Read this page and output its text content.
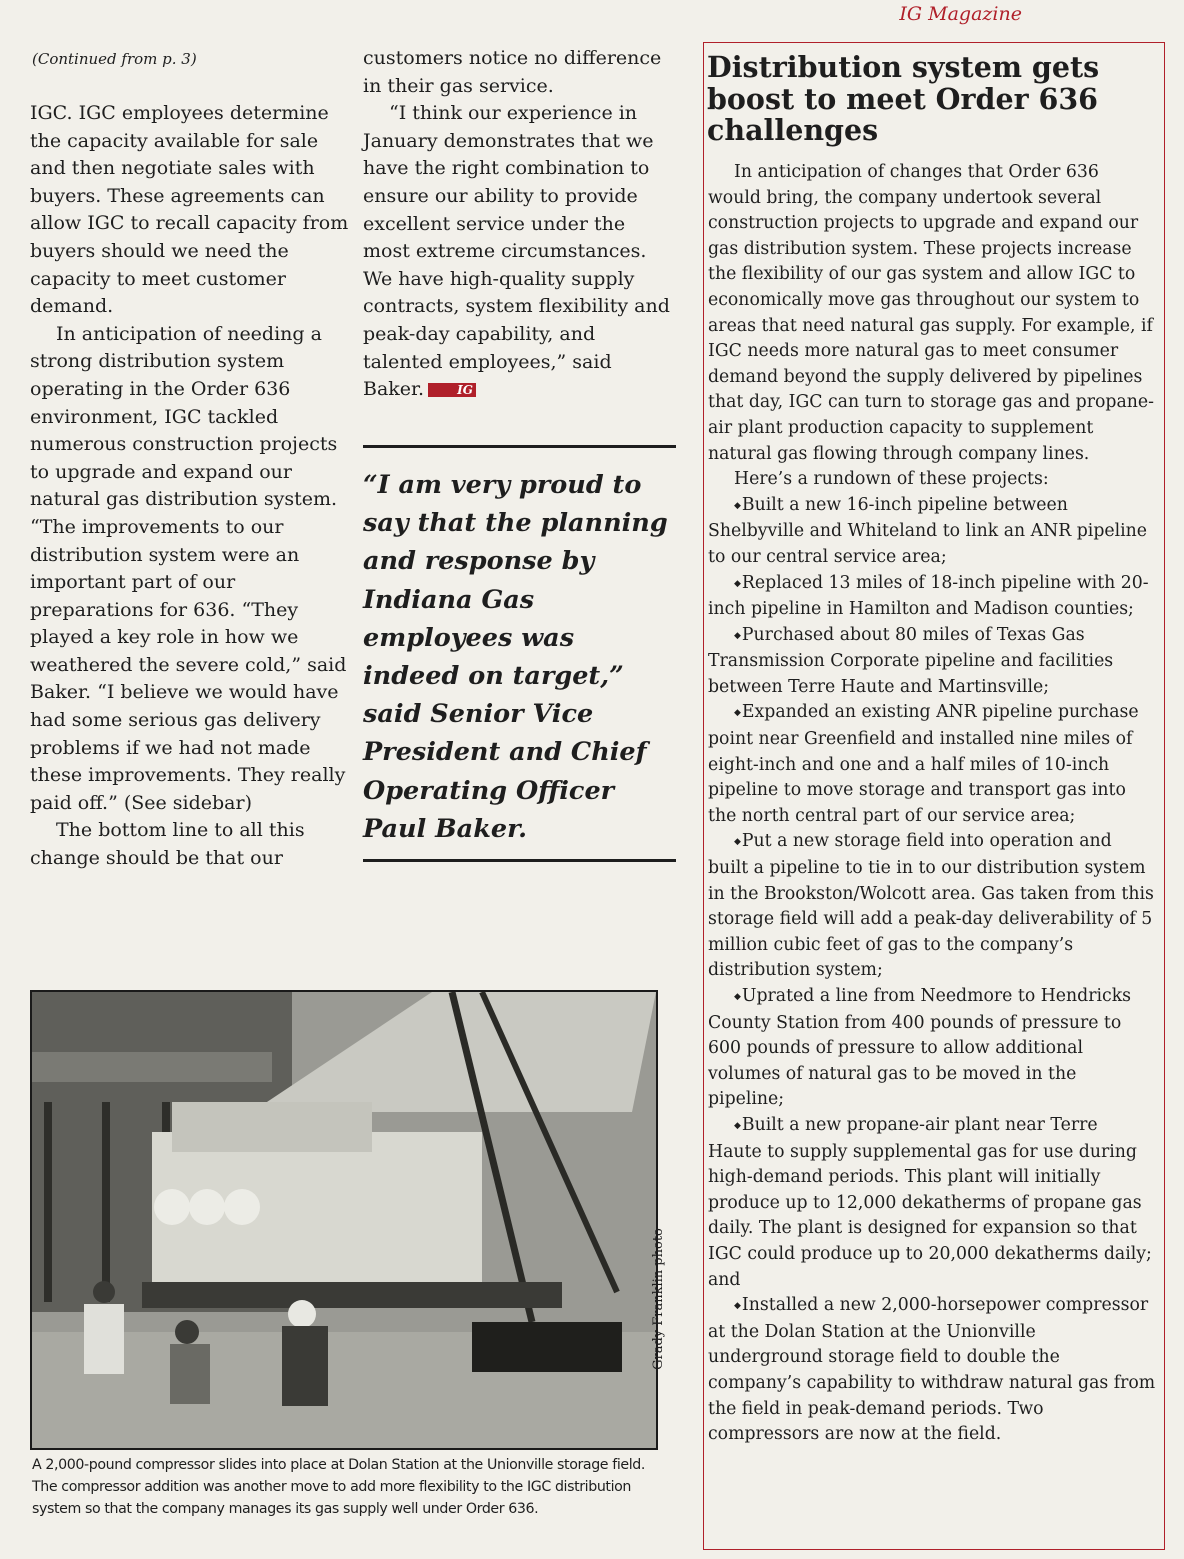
IG Magazine
(Continued from p. 3)

IGC. IGC employees determine the capacity available for sale and then negotiate sales with buyers. These agreements can allow IGC to recall capacity from buyers should we need the capacity to meet customer demand.

In anticipation of needing a strong distribution system operating in the Order 636 environment, IGC tackled numerous construction projects to upgrade and expand our natural gas distribution system. “The improvements to our distribution system were an important part of our preparations for 636. “They played a key role in how we weathered the severe cold,” said Baker. “I believe we would have had some serious gas delivery problems if we had not made these improvements. They really paid off.” (See sidebar)

The bottom line to all this change should be that our

customers notice no difference in their gas service.

“I think our experience in January demonstrates that we have the right combination to ensure our ability to provide excellent service under the most extreme circumstances. We have high-quality supply contracts, system flexibility and peak-day capability, and talented employees,” said Baker.	IG

“I am very proud to say that the planning and response by Indiana Gas employees was indeed on target,” said Senior Vice President and Chief Operating Officer Paul Baker.
Grady Franklin photo
A 2,000-pound compressor slides into place at Dolan Station at the Unionville storage field. The compressor addition was another move to add more flexibility to the IGC distribution system so that the company manages its gas supply well under Order 636.
Distribution system gets boost to meet Order 636 challenges

In anticipation of changes that Order 636 would bring, the company undertook several construction projects to upgrade and expand our gas distribution system. These projects increase the flexibility of our gas system and allow IGC to economically move gas throughout our system to areas that need natural gas supply. For example, if IGC needs more natural gas to meet consumer demand beyond the supply delivered by pipelines that day, IGC can turn to storage gas and propane-air plant production capacity to supplement natural gas flowing through company lines.

Here’s a rundown of these projects:

◆ Built a new 16-inch pipeline between Shelbyville and Whiteland to link an ANR pipeline to our central service area;

◆ Replaced 13 miles of 18-inch pipeline with 20-inch pipeline in Hamilton and Madison counties;

◆ Purchased about 80 miles of Texas Gas Transmission Corporate pipeline and facilities between Terre Haute and Martinsville;

◆ Expanded an existing ANR pipeline purchase point near Greenfield and installed nine miles of eight-inch and one and a half miles of 10-inch pipeline to move storage and transport gas into the north central part of our service area;

◆ Put a new storage field into operation and built a pipeline to tie in to our distribution system in the Brookston/Wolcott area. Gas taken from this storage field will add a peak-day deliverability of 5 million cubic feet of gas to the company’s distribution system;

◆ Uprated a line from Needmore to Hendricks County Station from 400 pounds of pressure to 600 pounds of pressure to allow additional volumes of natural gas to be moved in the pipeline;

◆ Built a new propane-air plant near Terre Haute to supply supplemental gas for use during high-demand periods. This plant will initially produce up to 12,000 dekatherms of propane gas daily. The plant is designed for expansion so that IGC could produce up to 20,000 dekatherms daily; and

◆ Installed a new 2,000-horsepower compressor at the Dolan Station at the Unionville underground storage field to double the company’s capability to withdraw natural gas from the field in peak-demand periods. Two compressors are now at the field.
